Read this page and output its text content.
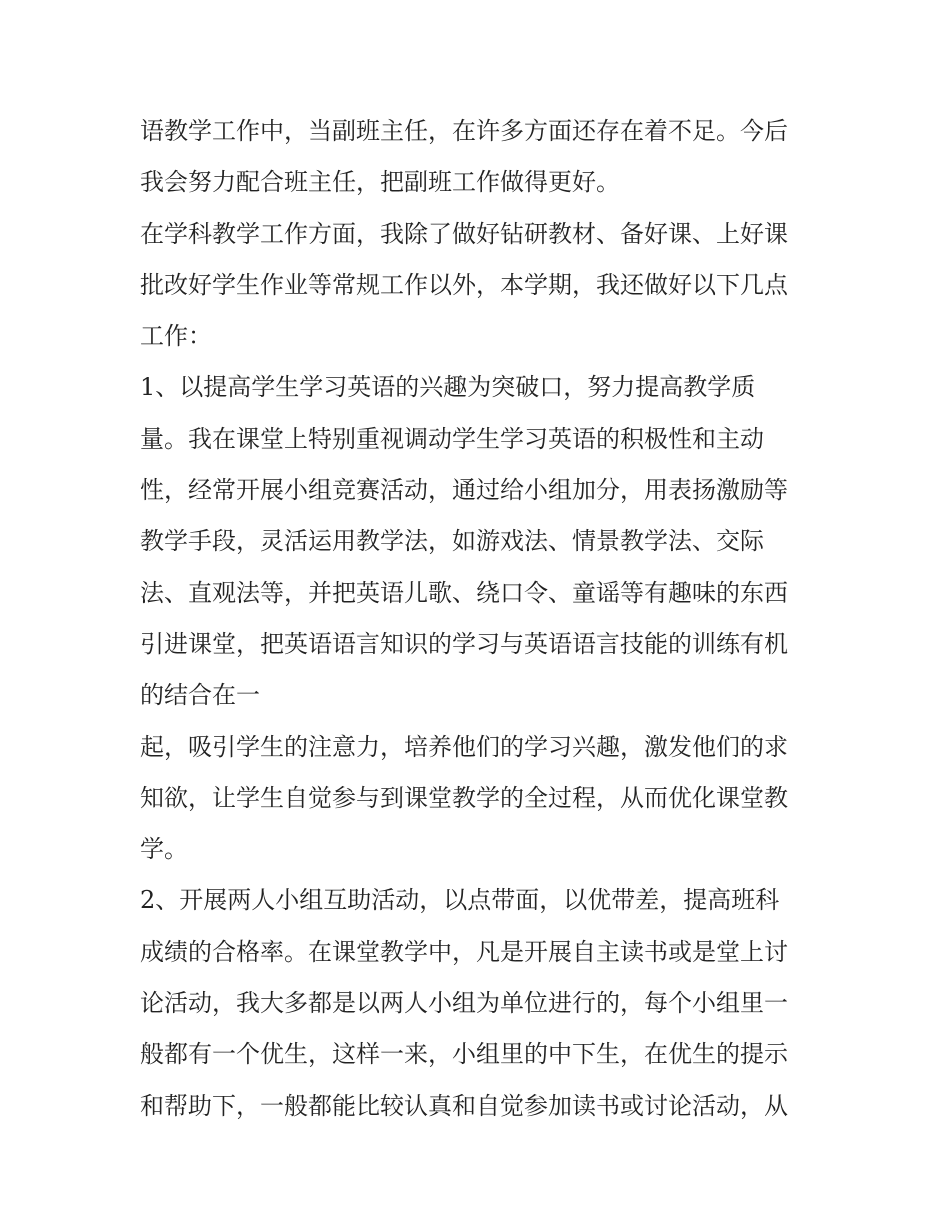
语教学工作中，当副班主任，在许多方面还存在着不足。今后
我会努力配合班主任，把副班工作做得更好。
在学科教学工作方面，我除了做好钻研教材、备好课、上好课
批改好学生作业等常规工作以外，本学期，我还做好以下几点
工作：
1、以提高学生学习英语的兴趣为突破口，努力提高教学质
量。我在课堂上特别重视调动学生学习英语的积极性和主动
性，经常开展小组竞赛活动，通过给小组加分，用表扬激励等
教学手段，灵活运用教学法，如游戏法、情景教学法、交际
法、直观法等，并把英语儿歌、绕口令、童谣等有趣味的东西
引进课堂，把英语语言知识的学习与英语语言技能的训练有机
的结合在一
起，吸引学生的注意力，培养他们的学习兴趣，激发他们的求
知欲，让学生自觉参与到课堂教学的全过程，从而优化课堂教
学。
2、开展两人小组互助活动，以点带面，以优带差，提高班科
成绩的合格率。在课堂教学中，凡是开展自主读书或是堂上讨
论活动，我大多都是以两人小组为单位进行的，每个小组里一
般都有一个优生，这样一来，小组里的中下生，在优生的提示
和帮助下，一般都能比较认真和自觉参加读书或讨论活动，从
